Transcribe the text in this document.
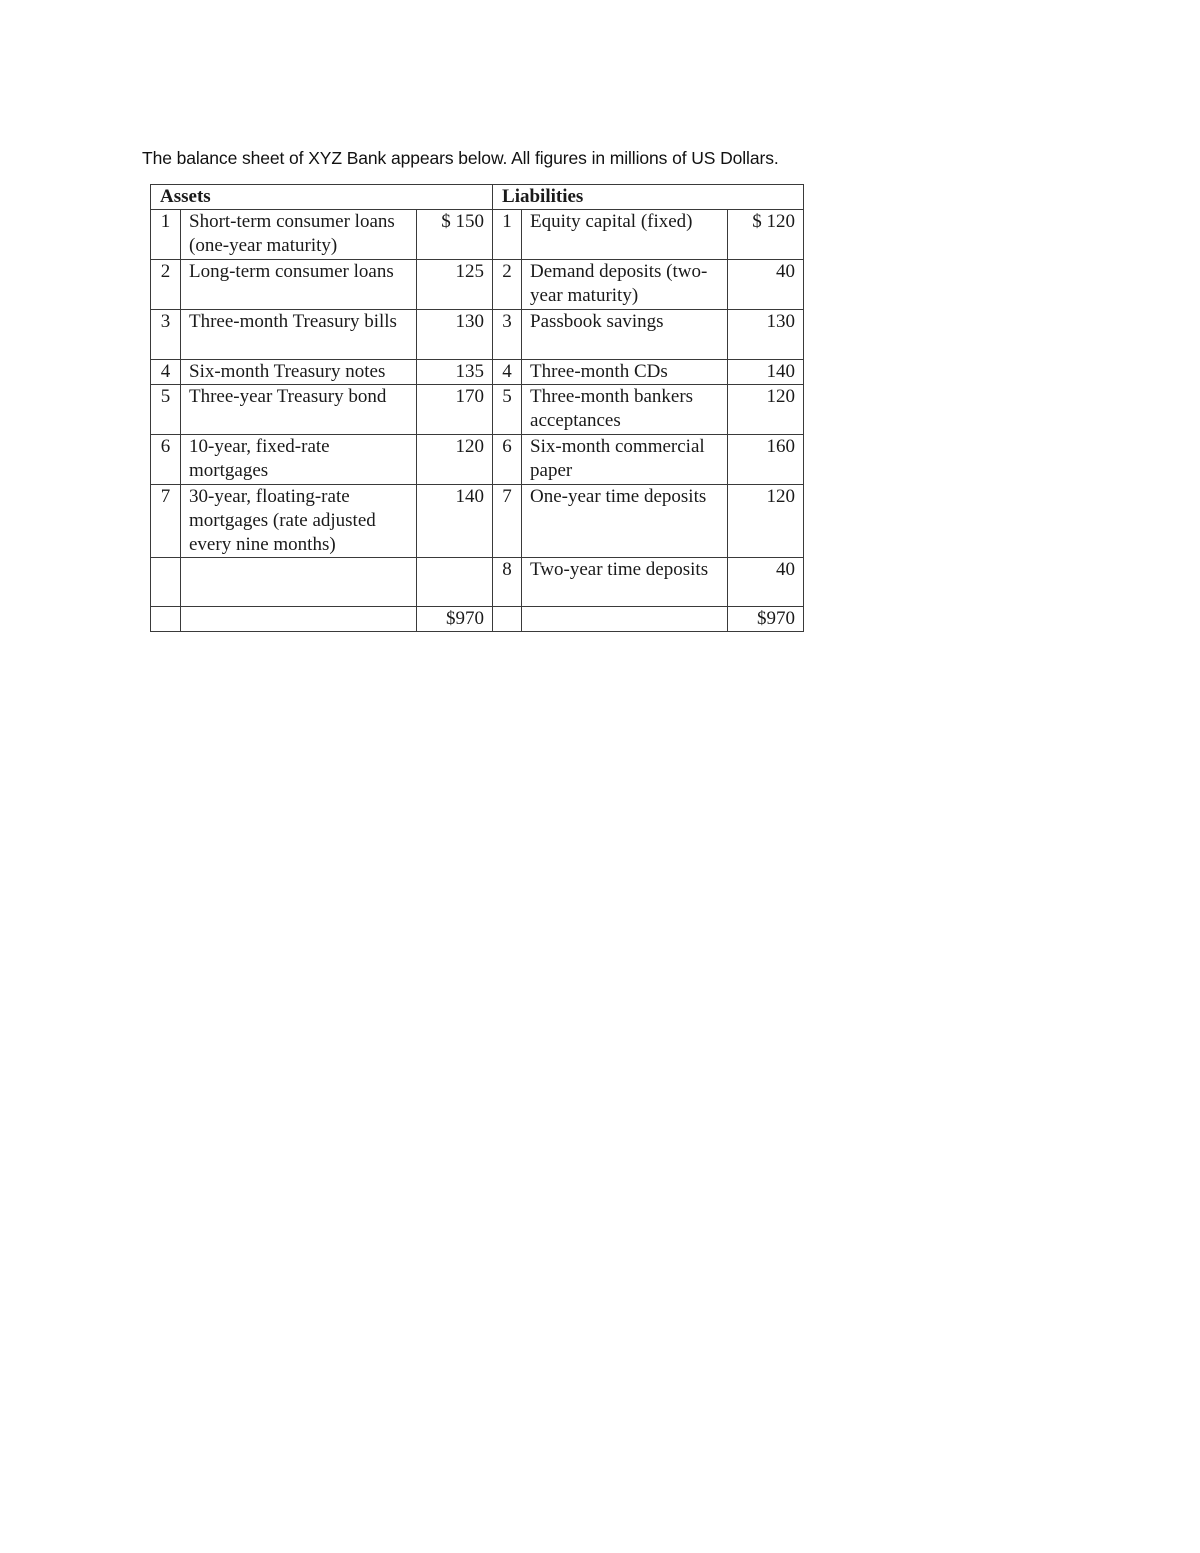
The balance sheet of XYZ Bank appears below. All figures in millions of US Dollars.
Assets			Liabilities		
1	Short-term consumer loans (one-year maturity)	$ 150	1	Equity capital (fixed)	$ 120
2	Long-term consumer loans	125	2	Demand deposits (two-year maturity)	40
3	Three-month Treasury bills	130	3	Passbook savings	130
4	Six-month Treasury notes	135	4	Three-month CDs	140
5	Three-year Treasury bond	170	5	Three-month bankers acceptances	120
6	10-year, fixed-rate mortgages	120	6	Six-month commercial paper	160
7	30-year, floating-rate mortgages (rate adjusted every nine months)	140	7	One-year time deposits	120
			8	Two-year time deposits	40
		$970			$970
